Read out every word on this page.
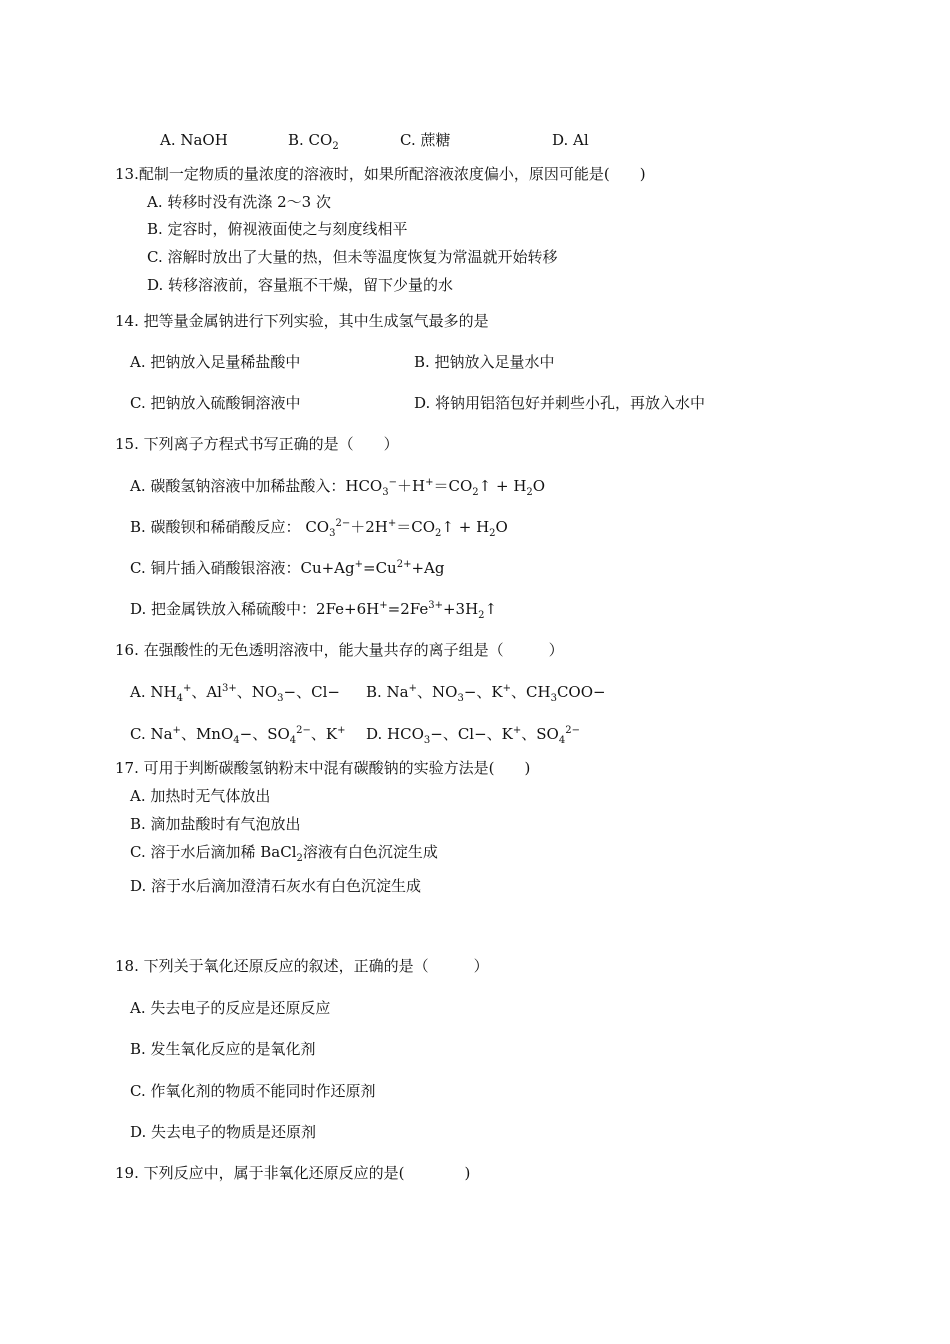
A. NaOH	B. $CO_2$	C. 蔗糖	D. Al
13.配制一定物质的量浓度的溶液时，如果所配溶液浓度偏小，原因可能是(　　)
A. 转移时没有洗涤 2～3 次
B. 定容时，俯视液面使之与刻度线相平
C. 溶解时放出了大量的热，但未等温度恢复为常温就开始转移
D. 转移溶液前，容量瓶不干燥，留下少量的水
14. 把等量金属钠进行下列实验，其中生成氢气最多的是
A. 把钠放入足量稀盐酸中	B. 把钠放入足量水中
C. 把钠放入硫酸铜溶液中	D. 将钠用铝箔包好并刺些小孔，再放入水中
15. 下列离子方程式书写正确的是（　　）
A. 碳酸氢钠溶液中加稀盐酸入：$HCO_3^-+H^+=CO_2↑ + H_2O$
B. 碳酸钡和稀硝酸反应： $CO_3^{2-}+2H^+=CO_2↑ + H_2O$
C. 铜片插入硝酸银溶液：$Cu+Ag^+=Cu^{2+}+Ag$
D. 把金属铁放入稀硫酸中：$2Fe+6H^+=2Fe^{3+}+3H_2↑$
16. 在强酸性的无色透明溶液中，能大量共存的离子组是（　　　）
A. $NH_4^+$、$Al^{3+}$、$NO_3-$、Cl− B. Na+、$NO_3-$、K+、$CH_3COO-$
C. Na+、MnO$_4$−、$SO_4^{2-}$、K+ D. $HCO_3-$、Cl−、K+、$SO_4^{2-}$
17. 可用于判断碳酸氢钠粉末中混有碳酸钠的实验方法是(　　)
A. 加热时无气体放出
B. 滴加盐酸时有气泡放出
C. 溶于水后滴加稀 BaCl$_2$溶液有白色沉淀生成
D. 溶于水后滴加澄清石灰水有白色沉淀生成
18. 下列关于氧化还原反应的叙述，正确的是（　　　）
A. 失去电子的反应是还原反应
B. 发生氧化反应的是氧化剂
C. 作氧化剂的物质不能同时作还原剂
D. 失去电子的物质是还原剂
19. 下列反应中，属于非氧化还原反应的是(　　　　)
